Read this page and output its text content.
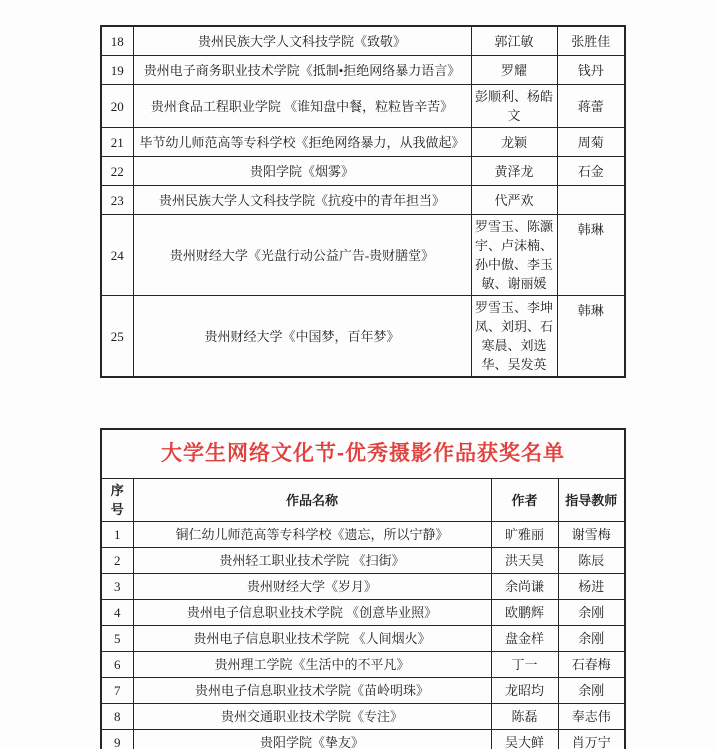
18	贵州民族大学人文科技学院《致敬》	郭江敏	张胜佳
19	贵州电子商务职业技术学院《抵制•拒绝网络暴力语言》	罗耀	钱丹
20	贵州食品工程职业学院 《谁知盘中餐，粒粒皆辛苦》	彭顺利、杨皓文	蒋蕾
21	毕节幼儿师范高等专科学校《拒绝网络暴力，从我做起》	龙颖	周菊
22	贵阳学院《烟雾》	黄泽龙	石金
23	贵州民族大学人文科技学院《抗疫中的青年担当》	代严欢	
24	贵州财经大学《光盘行动公益广告-贵财膳堂》	罗雪玉、陈灏宇、卢沫楠、孙中傲、李玉敏、谢丽媛	韩琳
25	贵州财经大学《中国梦，百年梦》	罗雪玉、李坤凤、刘玥、石寒晨、刘选华、吴发英	韩琳
大学生网络文化节-优秀摄影作品获奖名单			
序号	作品名称	作者	指导教师
1	铜仁幼儿师范高等专科学校《遗忘，所以宁静》	旷雅丽	谢雪梅
2	贵州轻工职业技术学院 《扫街》	洪天昊	陈辰
3	贵州财经大学《岁月》	余尚谦	杨进
4	贵州电子信息职业技术学院 《创意毕业照》	欧鹏辉	余刚
5	贵州电子信息职业技术学院 《人间烟火》	盘金样	余刚
6	贵州理工学院《生活中的不平凡》	丁一	石春梅
7	贵州电子信息职业技术学院《苗岭明珠》	龙昭均	余刚
8	贵州交通职业技术学院《专注》	陈磊	奉志伟
9	贵阳学院《挚友》	吴大鲜	肖万宁
